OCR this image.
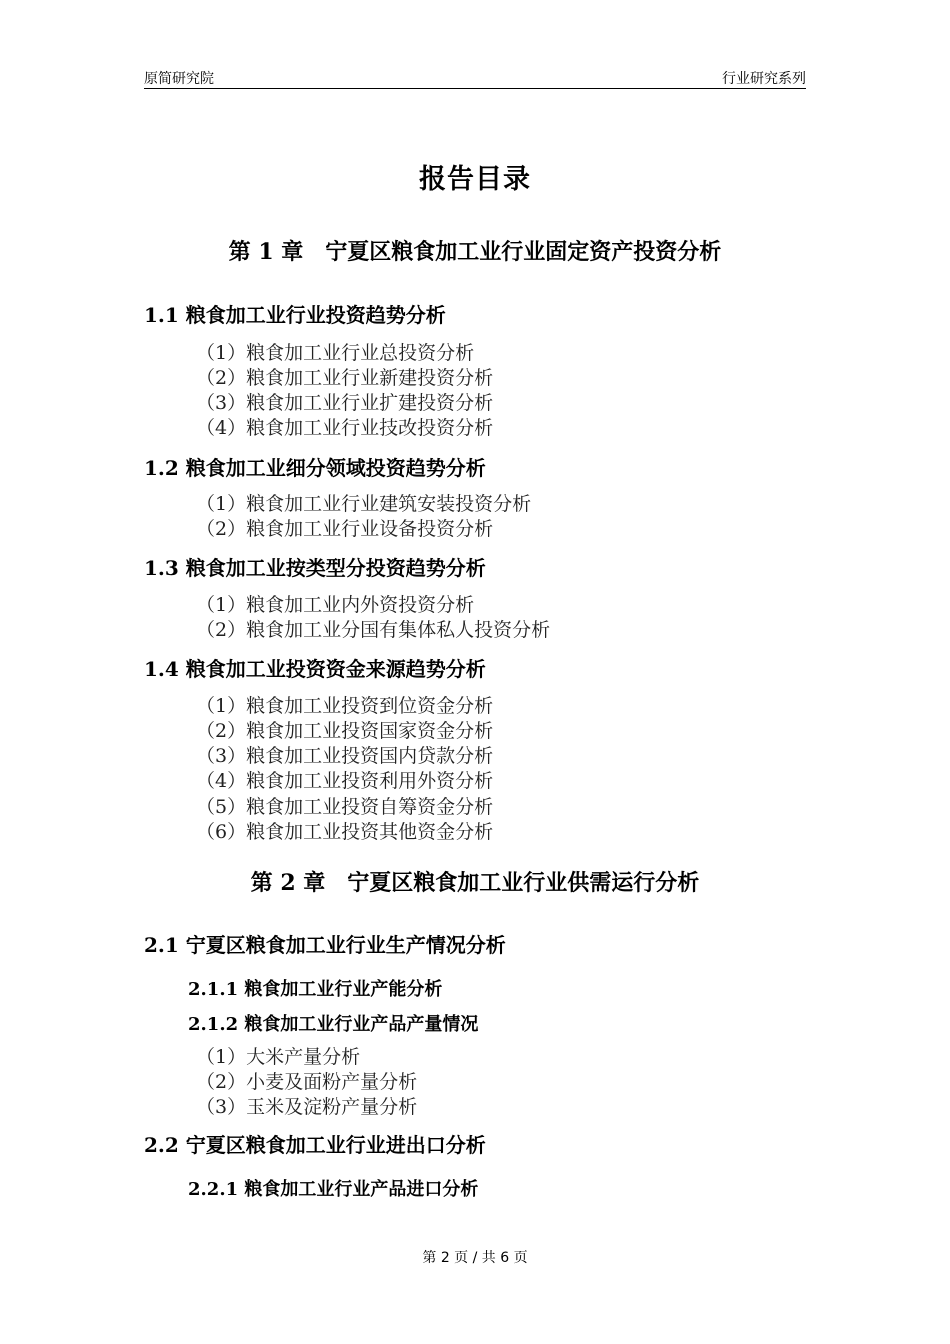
原简研究院	行业研究系列
报告目录
第 1 章　宁夏区粮食加工业行业固定资产投资分析
1.1 粮食加工业行业投资趋势分析
（1）粮食加工业行业总投资分析
（2）粮食加工业行业新建投资分析
（3）粮食加工业行业扩建投资分析
（4）粮食加工业行业技改投资分析
1.2 粮食加工业细分领域投资趋势分析
（1）粮食加工业行业建筑安装投资分析
（2）粮食加工业行业设备投资分析
1.3 粮食加工业按类型分投资趋势分析
（1）粮食加工业内外资投资分析
（2）粮食加工业分国有集体私人投资分析
1.4 粮食加工业投资资金来源趋势分析
（1）粮食加工业投资到位资金分析
（2）粮食加工业投资国家资金分析
（3）粮食加工业投资国内贷款分析
（4）粮食加工业投资利用外资分析
（5）粮食加工业投资自筹资金分析
（6）粮食加工业投资其他资金分析
第 2 章　宁夏区粮食加工业行业供需运行分析
2.1 宁夏区粮食加工业行业生产情况分析
2.1.1 粮食加工业行业产能分析
2.1.2 粮食加工业行业产品产量情况
（1）大米产量分析
（2）小麦及面粉产量分析
（3）玉米及淀粉产量分析
2.2 宁夏区粮食加工业行业进出口分析
2.2.1 粮食加工业行业产品进口分析
第 2 页 / 共 6 页
